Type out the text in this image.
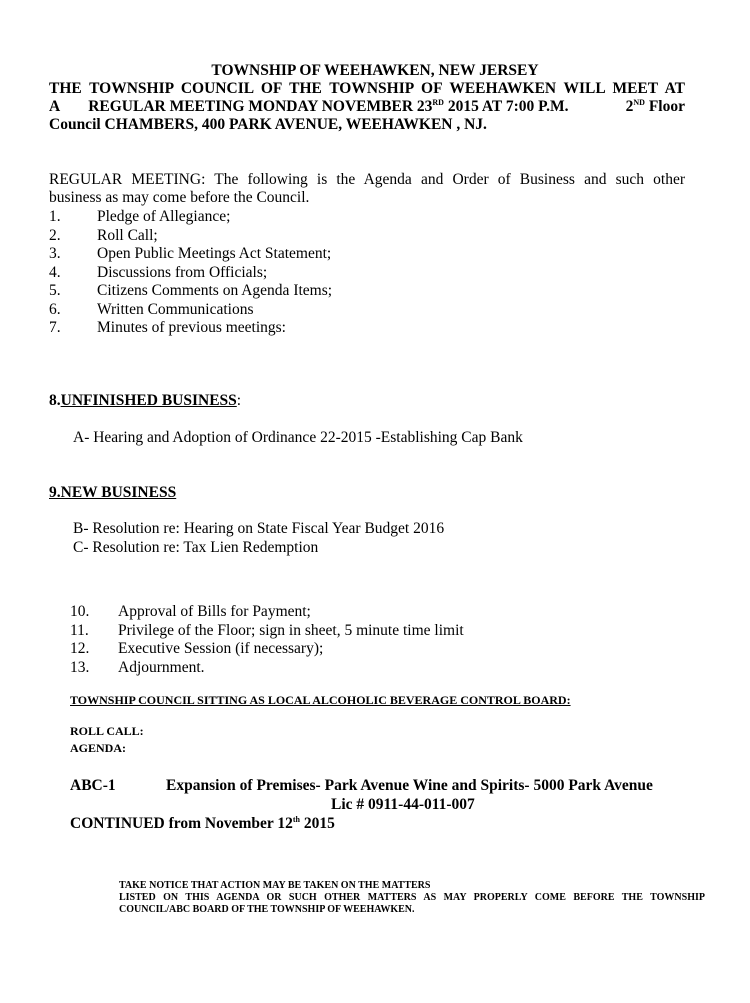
TOWNSHIP OF WEEHAWKEN, NEW JERSEY
THE TOWNSHIP COUNCIL OF THE TOWNSHIP OF WEEHAWKEN WILL MEET AT
A REGULAR MEETING MONDAY NOVEMBER 23RD 2015 AT 7:00 P.M.	2ND Floor
Council CHAMBERS, 400 PARK AVENUE, WEEHAWKEN , NJ.
REGULAR MEETING: The following is the Agenda and Order of Business and such other
business as may come before the Council.
1. Pledge of Allegiance;
2. Roll Call;
3. Open Public Meetings Act Statement;
4. Discussions from Officials;
5. Citizens Comments on Agenda Items;
6. Written Communications
7. Minutes of previous meetings:
8.UNFINISHED BUSINESS:
A- Hearing and Adoption of Ordinance 22-2015 -Establishing Cap Bank
9.NEW BUSINESS
B- Resolution re: Hearing on State Fiscal Year Budget 2016
C- Resolution re: Tax Lien Redemption
10. Approval of Bills for Payment;
11. Privilege of the Floor; sign in sheet, 5 minute time limit
12. Executive Session (if necessary);
13. Adjournment.
TOWNSHIP COUNCIL SITTING AS LOCAL ALCOHOLIC BEVERAGE CONTROL BOARD:
ROLL CALL:
AGENDA:
ABC-1	Expansion of Premises- Park Avenue Wine and Spirits- 5000 Park Avenue
Lic # 0911-44-011-007
CONTINUED from November 12th 2015
TAKE NOTICE THAT ACTION MAY BE TAKEN ON THE MATTERS
LISTED ON THIS AGENDA OR SUCH OTHER MATTERS AS MAY PROPERLY COME BEFORE THE TOWNSHIP
COUNCIL/ABC BOARD OF THE TOWNSHIP OF WEEHAWKEN.
